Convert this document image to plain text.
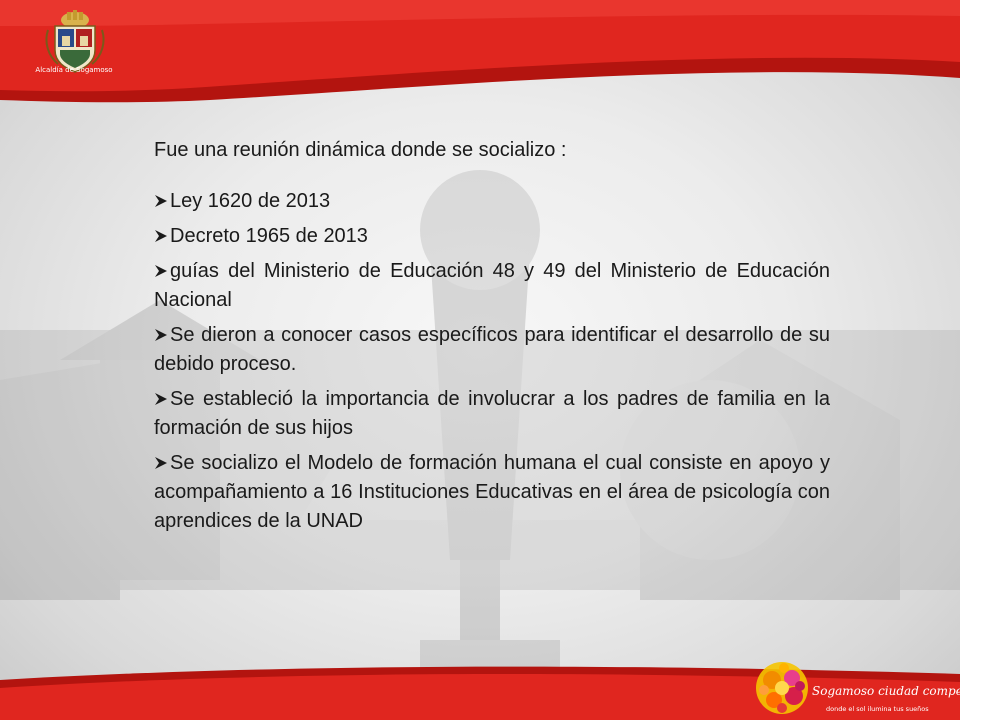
Alcaldía de Sogamoso
Sogamoso ciudad competitiva
donde el sol ilumina tus sueños

Fue una reunión dinámica donde se socializo :

Ley 1620 de 2013
Decreto 1965 de 2013
guías del Ministerio de Educación 48 y 49 del Ministerio de Educación Nacional
Se dieron a conocer casos específicos para identificar el desarrollo de su debido proceso.
Se estableció la importancia de involucrar a los padres de familia en la formación de sus hijos
Se socializo el Modelo de formación humana el cual consiste en apoyo y acompañamiento a 16 Instituciones Educativas en el área de psicología con aprendices de la UNAD
